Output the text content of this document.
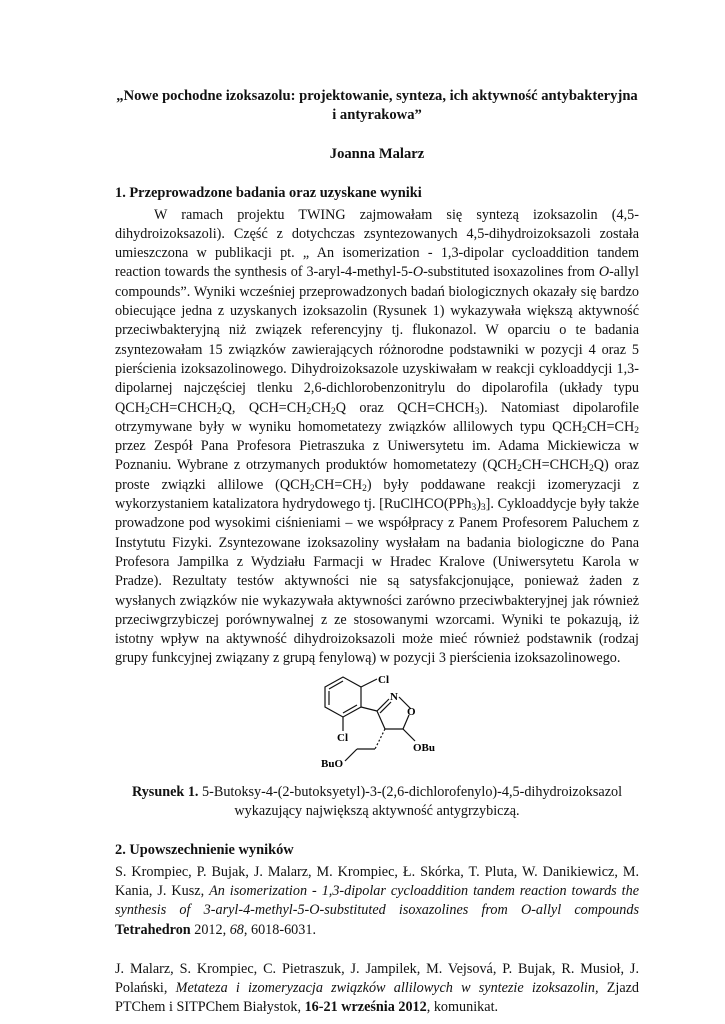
„Nowe pochodne izoksazolu: projektowanie, synteza, ich aktywność antybakteryjna
i antyrakowa”

Joanna Malarz

1. Przeprowadzone badania oraz uzyskane wyniki

W ramach projektu TWING zajmowałam się syntezą izoksazolin (4,5-dihydroizoksazoli). Część z dotychczas zsyntezowanych 4,5-dihydroizoksazoli została umieszczona w publikacji pt. „ An isomerization - 1,3-dipolar cycloaddition tandem reaction towards the synthesis of 3-aryl-4-methyl-5-O-substituted isoxazolines from O-allyl compounds”. Wyniki wcześniej przeprowadzonych badań biologicznych okazały się bardzo obiecujące jedna z uzyskanych izoksazolin (Rysunek 1) wykazywała większą aktywność przeciwbakteryjną niż związek referencyjny tj. flukonazol. W oparciu o te badania zsyntezowałam 15 związków zawierających różnorodne podstawniki w pozycji 4 oraz 5 pierścienia izoksazolinowego. Dihydroizoksazole uzyskiwałam w reakcji cykloaddycji 1,3-dipolarnej najczęściej tlenku 2,6-dichlorobenzonitrylu do dipolarofila (układy typu $QCH_2CH=CHCH_2Q$, $QCH=CH_2CH_2Q$ oraz $QCH=CHCH_3$). Natomiast dipolarofile otrzymywane były w wyniku homometatezy związków allilowych typu $QCH_2CH=CH_2$ przez Zespół Pana Profesora Pietraszuka z Uniwersytetu im. Adama Mickiewicza w Poznaniu. Wybrane z otrzymanych produktów homometatezy $(QCH_2CH=CHCH_2Q)$ oraz proste związki allilowe $(QCH_2CH=CH_2)$ były poddawane reakcji izomeryzacji z wykorzystaniem katalizatora hydrydowego tj. $[RuClHCO(PPh_3)_3]$. Cykloaddycje były także prowadzone pod wysokimi ciśnieniami – we współpracy z Panem Profesorem Paluchem z Instytutu Fizyki. Zsyntezowane izoksazoliny wysłałam na badania biologiczne do Pana Profesora Jampilka z Wydziału Farmacji w Hradec Kralove (Uniwersytetu Karola w Pradze). Rezultaty testów aktywności nie są satysfakcjonujące, ponieważ żaden z wysłanych związków nie wykazywała aktywności zarówno przeciwbakteryjnej jak również przeciwgrzybiczej porównywalnej z ze stosowanymi wzorcami. Wyniki te pokazują, iż istotny wpływ na aktywność dihydroizoksazoli może mieć również podstawnik (rodzaj grupy funkcyjnej związany z grupą fenylową) w pozycji 3 pierścienia izoksazolinowego.

Cl
Cl
N
O
OBu
BuO

Rysunek 1. 5-Butoksy-4-(2-butoksyetyl)-3-(2,6-dichlorofenylo)-4,5-dihydroizoksazol wykazujący największą aktywność antygrzybiczą.

2. Upowszechnienie wyników

S. Krompiec, P. Bujak, J. Malarz, M. Krompiec, Ł. Skórka, T. Pluta, W. Danikiewicz, M. Kania, J. Kusz, An isomerization - 1,3-dipolar cycloaddition tandem reaction towards the synthesis of 3-aryl-4-methyl-5-O-substituted isoxazolines from O-allyl compounds Tetrahedron 2012, 68, 6018-6031.

J. Malarz, S. Krompiec, C. Pietraszuk, J. Jampilek, M. Vejsová, P. Bujak, R. Musioł, J. Polański, Metateza i izomeryzacja związków allilowych w syntezie izoksazolin, Zjazd PTChem i SITPChem Białystok, 16-21 września 2012, komunikat.
